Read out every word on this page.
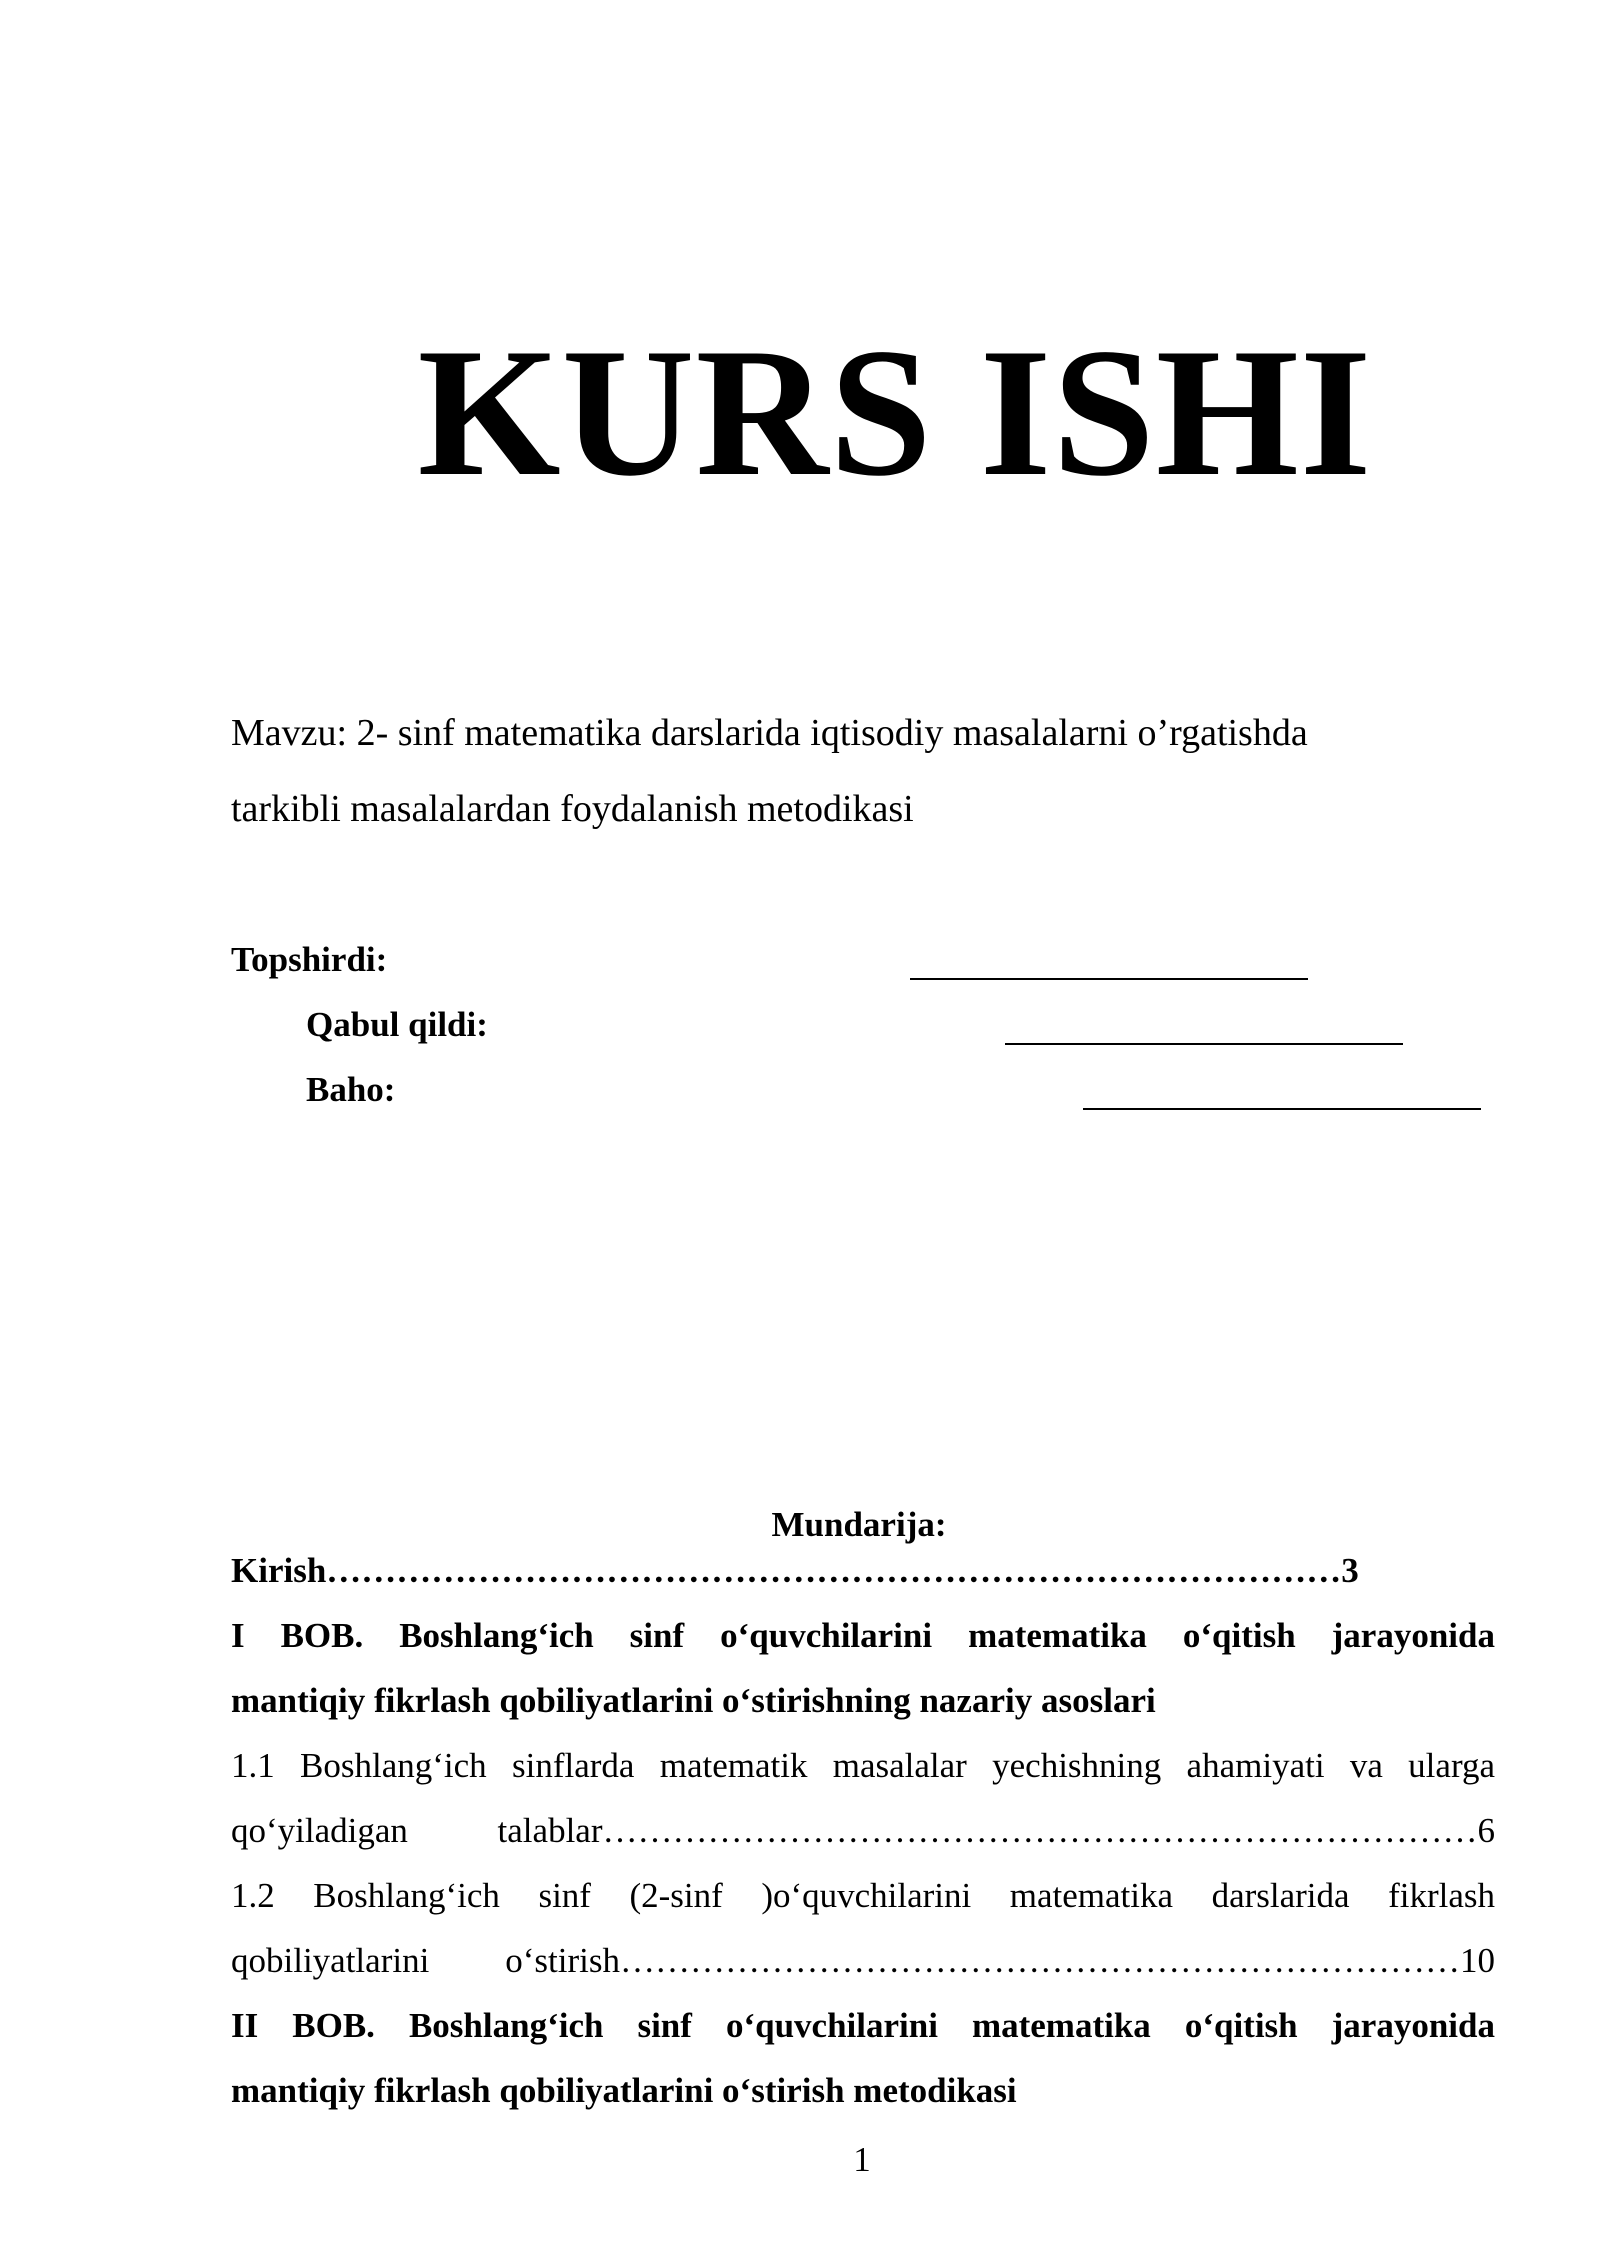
KURS ISHI
Mavzu: 2- sinf matematika darslarida iqtisodiy masalalarni o’rgatishda
tarkibli masalalardan foydalanish metodikasi
Topshirdi:
Qabul qildi:
Baho:
Mundarija:
Kirish……………………………………………………………………………3
I BOB. Boshlang‘ich sinf o‘quvchilarini matematika o‘qitish jarayonida
mantiqiy fikrlash qobiliyatlarini o‘stirishning nazariy asoslari
1.1 Boshlang‘ich sinflarda matematik masalalar yechishning ahamiyati va ularga
qo‘yiladigan talablar…………………………………………………………………6
1.2 Boshlang‘ich sinf (2-sinf )o‘quvchilarini matematika darslarida fikrlash
qobiliyatlarini o‘stirish………………………………………………………………10
II BOB. Boshlang‘ich sinf o‘quvchilarini matematika o‘qitish jarayonida
mantiqiy fikrlash qobiliyatlarini o‘stirish metodikasi
1
